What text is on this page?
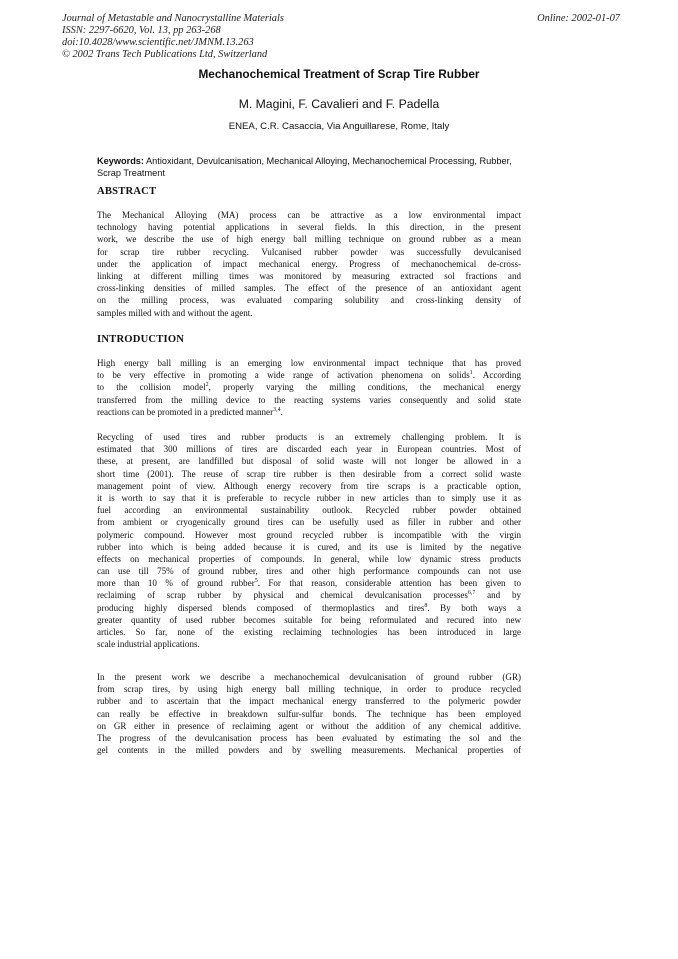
Journal of Metastable and Nanocrystalline Materials
ISSN: 2297-6620, Vol. 13, pp 263-268
doi:10.4028/www.scientific.net/JMNM.13.263
© 2002 Trans Tech Publications Ltd, Switzerland
Online: 2002-01-07
Mechanochemical Treatment of Scrap Tire Rubber
M. Magini, F. Cavalieri and F. Padella
ENEA, C.R. Casaccia, Via Anguillarese, Rome, Italy
Keywords: Antioxidant, Devulcanisation, Mechanical Alloying, Mechanochemical Processing, Rubber, Scrap Treatment
ABSTRACT
The Mechanical Alloying (MA) process can be attractive as a low environmental impact
technology having potential applications in several fields. In this direction, in the present
work, we describe the use of high energy ball milling technique on ground rubber as a mean
for scrap tire rubber recycling. Vulcanised rubber powder was successfully devulcanised
under the application of impact mechanical energy. Progress of mechanochemical de-cross-
linking at different milling times was monitored by measuring extracted sol fractions and
cross-linking densities of milled samples. The effect of the presence of an antioxidant agent
on the milling process, was evaluated comparing solubility and cross-linking density of
samples milled with and without the agent.
INTRODUCTION
High energy ball milling is an emerging low environmental impact technique that has proved
to be very effective in promoting a wide range of activation phenomena on solids$^1$. According
to the collision model$^2$, properly varying the milling conditions, the mechanical energy
transferred from the milling device to the reacting systems varies consequently and solid state
reactions can be promoted in a predicted manner$^{3,4}$.
Recycling of used tires and rubber products is an extremely challenging problem. It is
estimated that 300 millions of tires are discarded each year in European countries. Most of
these, at present, are landfilled but disposal of solid waste will not longer be allowed in a
short time (2001). The reuse of scrap tire rubber is then desirable from a correct solid waste
management point of view. Although energy recovery from tire scraps is a practicable option,
it is worth to say that it is preferable to recycle rubber in new articles than to simply use it as
fuel according an environmental sustainability outlook. Recycled rubber powder obtained
from ambient or cryogenically ground tires can be usefully used as filler in rubber and other
polymeric compound. However most ground recycled rubber is incompatible with the virgin
rubber into which is being added because it is cured, and its use is limited by the negative
effects on mechanical properties of compounds. In general, while low dynamic stress products
can use till 75% of ground rubber, tires and other high performance compounds can not use
more than 10 % of ground rubber$^5$. For that reason, considerable attention has been given to
reclaiming of scrap rubber by physical and chemical devulcanisation processes$^{6,7}$ and by
producing highly dispersed blends composed of thermoplastics and tires$^8$. By both ways a
greater quantity of used rubber becomes suitable for being reformulated and recured into new
articles. So far, none of the existing reclaiming technologies has been introduced in large
scale industrial applications.
In the present work we describe a mechanochemical devulcanisation of ground rubber (GR)
from scrap tires, by using high energy ball milling technique, in order to produce recycled
rubber and to ascertain that the impact mechanical energy transferred to the polymeric powder
can really be effective in breakdown sulfur-sulfur bonds. The technique has been employed
on GR either in presence of reclaiming agent or without the addition of any chemical additive.
The progress of the devulcanisation process has been evaluated by estimating the sol and the
gel contents in the milled powders and by swelling measurements. Mechanical properties of
